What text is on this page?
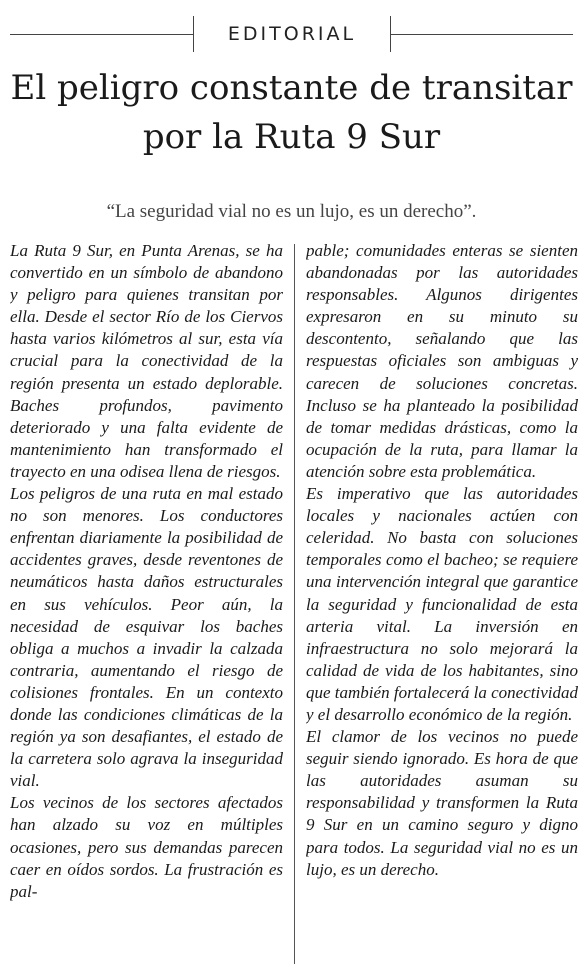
EDITORIAL
El peligro constante de transitar por la Ruta 9 Sur
“La seguridad vial no es un lujo, es un derecho”.

La Ruta 9 Sur, en Punta Arenas, se ha convertido en un símbolo de abandono y peligro para quienes transitan por ella. Desde el sector Río de los Ciervos hasta varios kilómetros al sur, esta vía crucial para la conectividad de la región presenta un estado deplorable. Baches profundos, pavimento deteriorado y una falta evidente de mantenimiento han transformado el trayecto en una odisea llena de riesgos.

Los peligros de una ruta en mal estado no son menores. Los conductores enfrentan diariamente la posibilidad de accidentes graves, desde reventones de neumáticos hasta daños estructurales en sus vehículos. Peor aún, la necesidad de esquivar los baches obliga a muchos a invadir la calzada contraria, aumentando el riesgo de colisiones frontales. En un contexto donde las condiciones climáticas de la región ya son desafiantes, el estado de la carretera solo agrava la inseguridad vial.

Los vecinos de los sectores afectados han alzado su voz en múltiples ocasiones, pero sus demandas parecen caer en oídos sordos. La frustración es pal-

pable; comunidades enteras se sienten abandonadas por las autoridades responsables. Algunos dirigentes expresaron en su minuto su descontento, señalando que las respuestas oficiales son ambiguas y carecen de soluciones concretas. Incluso se ha planteado la posibilidad de tomar medidas drásticas, como la ocupación de la ruta, para llamar la atención sobre esta problemática.

Es imperativo que las autoridades locales y nacionales actúen con celeridad. No basta con soluciones temporales como el bacheo; se requiere una intervención integral que garantice la seguridad y funcionalidad de esta arteria vital. La inversión en infraestructura no solo mejorará la calidad de vida de los habitantes, sino que también fortalecerá la conectividad y el desarrollo económico de la región.

El clamor de los vecinos no puede seguir siendo ignorado. Es hora de que las autoridades asuman su responsabilidad y transformen la Ruta 9 Sur en un camino seguro y digno para todos. La seguridad vial no es un lujo, es un derecho.
